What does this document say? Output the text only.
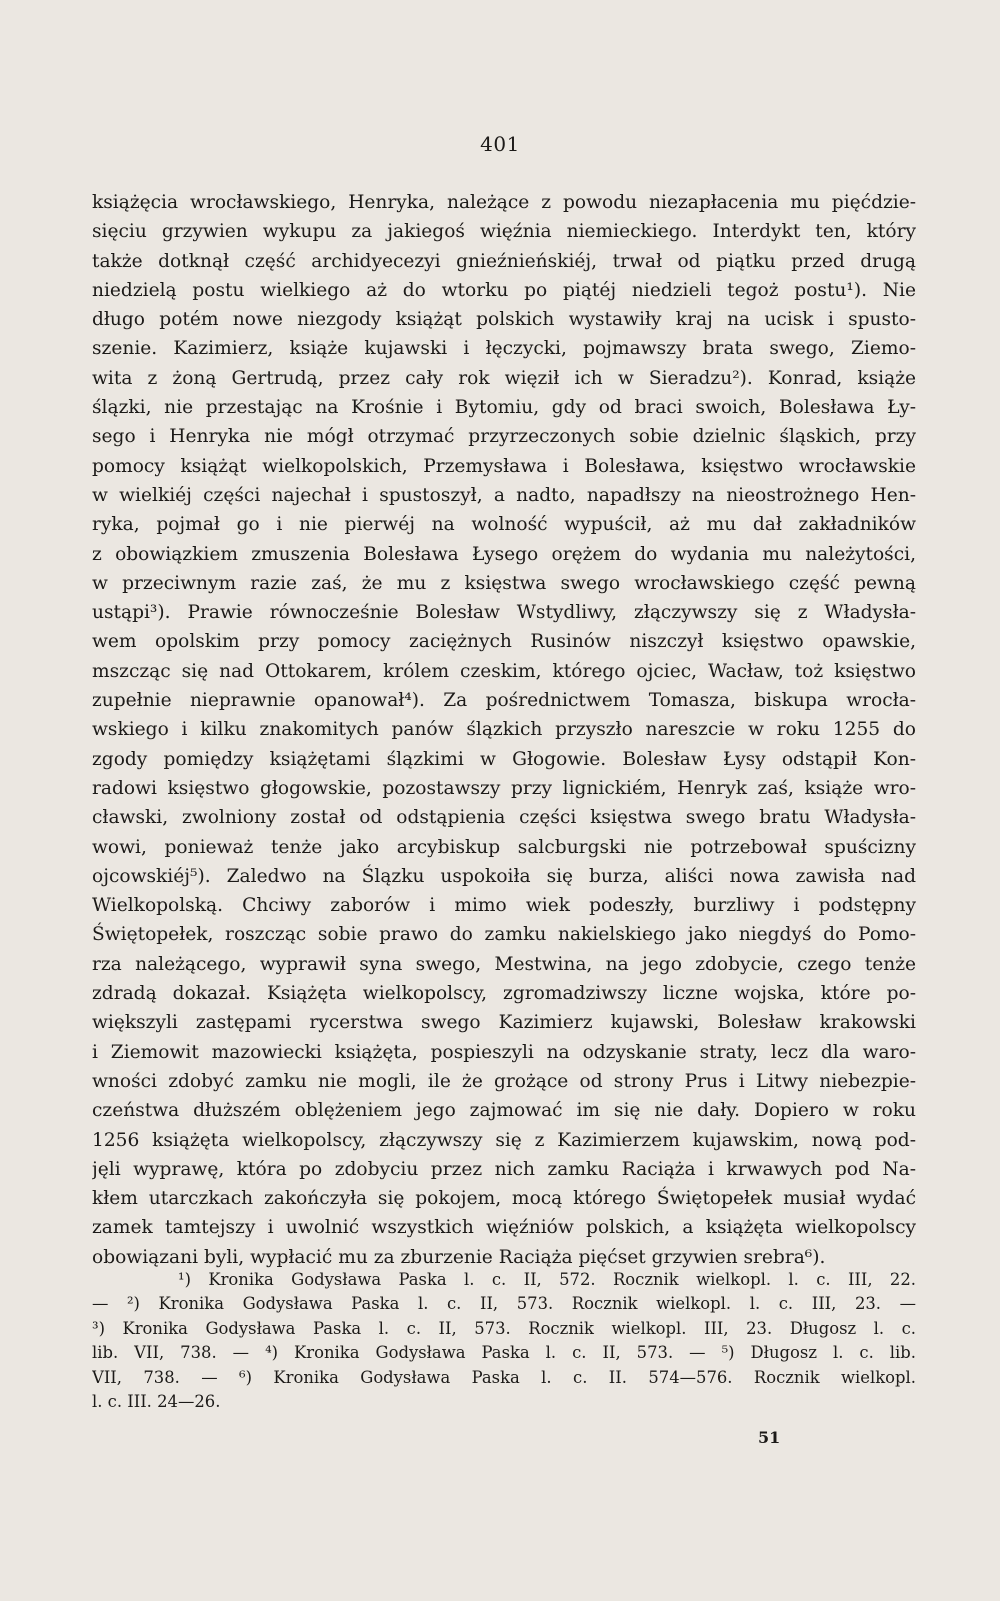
401
książęcia wrocławskiego, Henryka, należące z powodu niezapłacenia mu pięćdzie-
sięciu grzywien wykupu za jakiegoś więźnia niemieckiego. Interdykt ten, który
także dotknął część archidyecezyi gnieźnieńskiéj, trwał od piątku przed drugą
niedzielą postu wielkiego aż do wtorku po piątéj niedzieli tegoż postu¹). Nie
długo potém nowe niezgody książąt polskich wystawiły kraj na ucisk i spusto-
szenie. Kazimierz, książe kujawski i łęczycki, pojmawszy brata swego, Ziemo-
wita z żoną Gertrudą, przez cały rok więził ich w Sieradzu²). Konrad, książe
ślązki, nie przestając na Krośnie i Bytomiu, gdy od braci swoich, Bolesława Ły-
sego i Henryka nie mógł otrzymać przyrzeczonych sobie dzielnic śląskich, przy
pomocy książąt wielkopolskich, Przemysława i Bolesława, księstwo wrocławskie
w wielkiéj części najechał i spustoszył, a nadto, napadłszy na nieostrożnego Hen-
ryka, pojmał go i nie pierwéj na wolność wypuścił, aż mu dał zakładników
z obowiązkiem zmuszenia Bolesława Łysego orężem do wydania mu należytości,
w przeciwnym razie zaś, że mu z księstwa swego wrocławskiego część pewną
ustąpi³). Prawie równocześnie Bolesław Wstydliwy, złączywszy się z Władysła-
wem opolskim przy pomocy zaciężnych Rusinów niszczył księstwo opawskie,
mszcząc się nad Ottokarem, królem czeskim, którego ojciec, Wacław, toż księstwo
zupełnie nieprawnie opanował⁴). Za pośrednictwem Tomasza, biskupa wrocła-
wskiego i kilku znakomitych panów ślązkich przyszło nareszcie w roku 1255 do
zgody pomiędzy książętami ślązkimi w Głogowie. Bolesław Łysy odstąpił Kon-
radowi księstwo głogowskie, pozostawszy przy lignickiém, Henryk zaś, książe wro-
cławski, zwolniony został od odstąpienia części księstwa swego bratu Władysła-
wowi, ponieważ tenże jako arcybiskup salcburgski nie potrzebował spuścizny
ojcowskiéj⁵). Zaledwo na Ślązku uspokoiła się burza, aliści nowa zawisła nad
Wielkopolską. Chciwy zaborów i mimo wiek podeszły, burzliwy i podstępny
Świętopełek, roszcząc sobie prawo do zamku nakielskiego jako niegdyś do Pomo-
rza należącego, wyprawił syna swego, Mestwina, na jego zdobycie, czego tenże
zdradą dokazał. Książęta wielkopolscy, zgromadziwszy liczne wojska, które po-
większyli zastępami rycerstwa swego Kazimierz kujawski, Bolesław krakowski
i Ziemowit mazowiecki książęta, pospieszyli na odzyskanie straty, lecz dla waro-
wności zdobyć zamku nie mogli, ile że grożące od strony Prus i Litwy niebezpie-
czeństwa dłuższém oblężeniem jego zajmować im się nie dały. Dopiero w roku
1256 książęta wielkopolscy, złączywszy się z Kazimierzem kujawskim, nową pod-
jęli wyprawę, która po zdobyciu przez nich zamku Raciąża i krwawych pod Na-
kłem utarczkach zakończyła się pokojem, mocą którego Świętopełek musiał wydać
zamek tamtejszy i uwolnić wszystkich więźniów polskich, a książęta wielkopolscy
obowiązani byli, wypłacić mu za zburzenie Raciąża pięćset grzywien srebra⁶).
¹) Kronika Godysława Paska l. c. II, 572. Rocznik wielkopl. l. c. III, 22.
— ²) Kronika Godysława Paska l. c. II, 573. Rocznik wielkopl. l. c. III, 23. —
³) Kronika Godysława Paska l. c. II, 573. Rocznik wielkopl. III, 23. Długosz l. c.
lib. VII, 738. — ⁴) Kronika Godysława Paska l. c. II, 573. — ⁵) Długosz l. c. lib.
VII, 738. — ⁶) Kronika Godysława Paska l. c. II. 574—576. Rocznik wielkopl.
l. c. III. 24—26.
51
